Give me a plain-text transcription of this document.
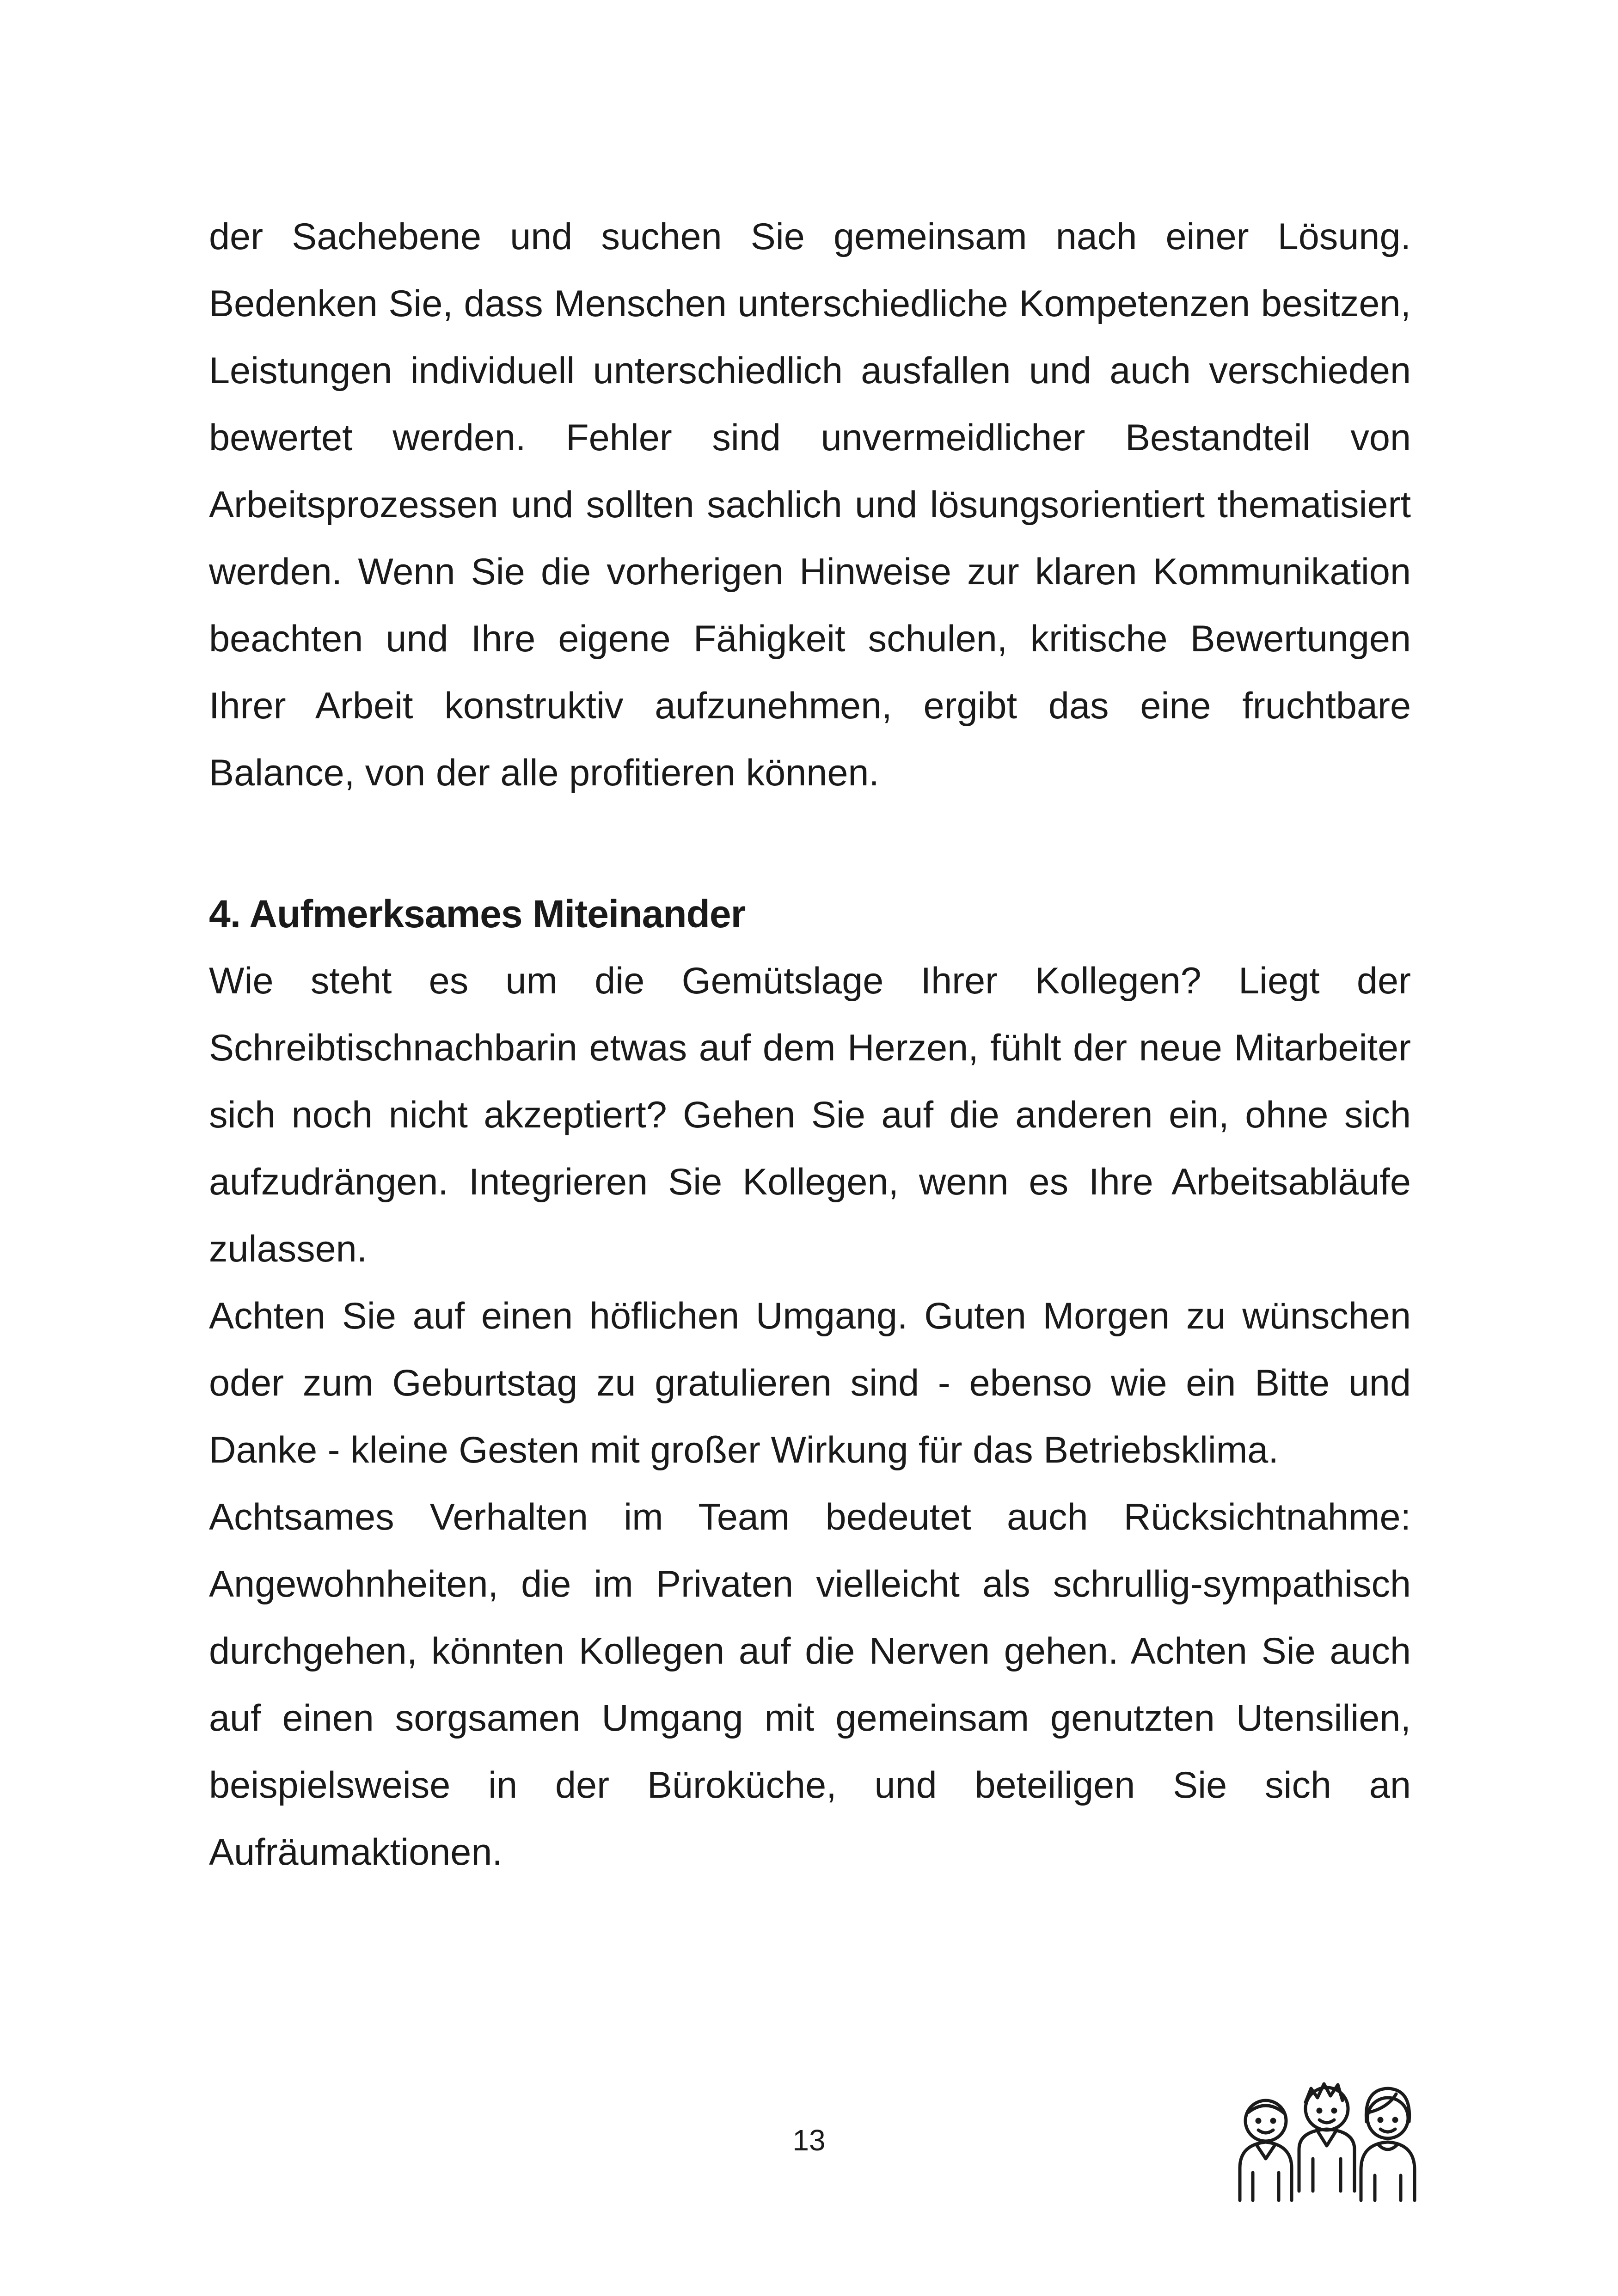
der Sachebene und suchen Sie gemeinsam nach einer Lösung. Bedenken Sie, dass Menschen unterschiedliche Kompetenzen besitzen, Leistungen individuell unterschiedlich ausfallen und auch verschieden bewertet werden. Fehler sind unvermeidlicher Bestandteil von Arbeitsprozessen und sollten sachlich und lösungsorientiert thematisiert werden. Wenn Sie die vorherigen Hinweise zur klaren Kommunikation beachten und Ihre eigene Fähigkeit schulen, kritische Bewertungen Ihrer Arbeit konstruktiv aufzunehmen, ergibt das eine fruchtbare Balance, von der alle profitieren können.

4. Aufmerksames Miteinander

Wie steht es um die Gemütslage Ihrer Kollegen? Liegt der Schreibtischnachbarin etwas auf dem Herzen, fühlt der neue Mitarbeiter sich noch nicht akzeptiert? Gehen Sie auf die anderen ein, ohne sich aufzudrängen. Integrieren Sie Kollegen, wenn es Ihre Arbeitsabläufe zulassen.

Achten Sie auf einen höflichen Umgang. Guten Morgen zu wünschen oder zum Geburtstag zu gratulieren sind - ebenso wie ein Bitte und Danke - kleine Gesten mit großer Wirkung für das Betriebsklima.

Achtsames Verhalten im Team bedeutet auch Rücksichtnahme: Angewohnheiten, die im Privaten vielleicht als schrullig-sympathisch durchgehen, könnten Kollegen auf die Nerven gehen. Achten Sie auch auf einen sorgsamen Umgang mit gemeinsam genutzten Utensilien, beispielsweise in der Büroküche, und beteiligen Sie sich an Aufräumaktionen.

13
